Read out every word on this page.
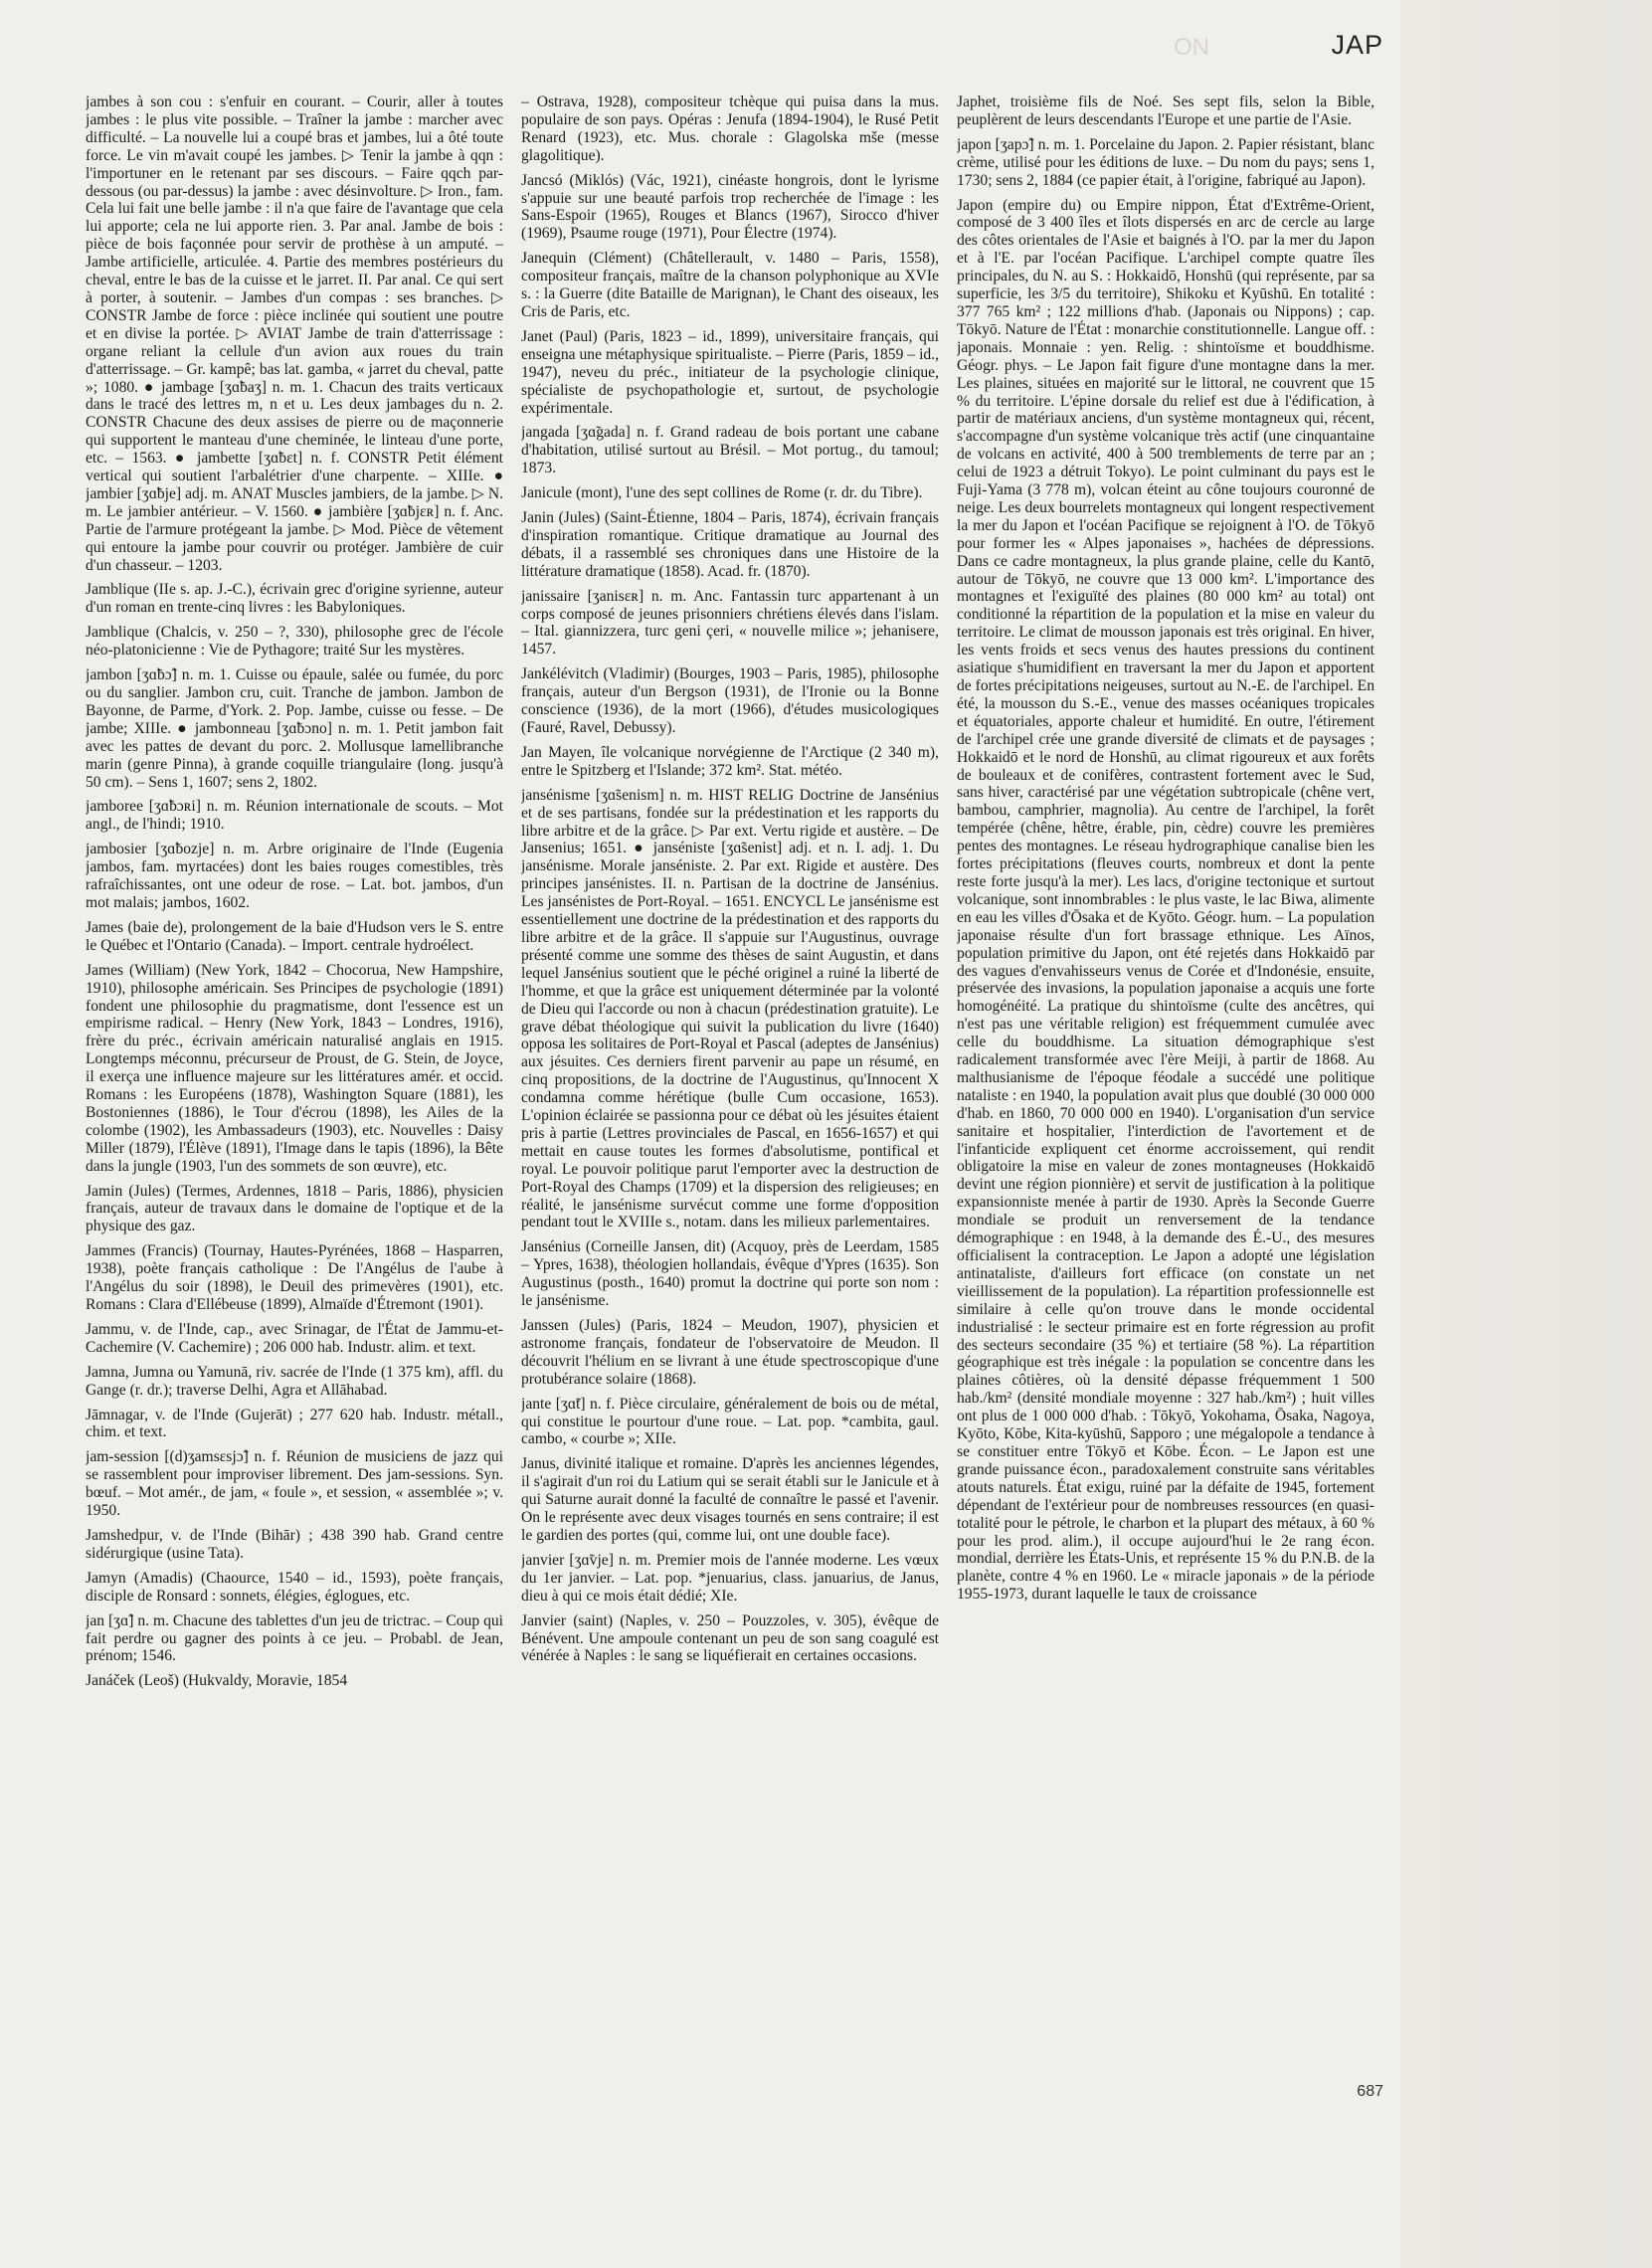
ON	JAP

jambes à son cou : s'enfuir en courant. – Courir, aller à toutes jambes : le plus vite possible. – Traîner la jambe : marcher avec difficulté. – La nouvelle lui a coupé bras et jambes, lui a ôté toute force. Le vin m'avait coupé les jambes. ▷ Tenir la jambe à qqn : l'importuner en le retenant par ses discours. – Faire qqch par-dessous (ou par-dessus) la jambe : avec désinvolture. ▷ Iron., fam. Cela lui fait une belle jambe : il n'a que faire de l'avantage que cela lui apporte; cela ne lui apporte rien. 3. Par anal. Jambe de bois : pièce de bois façonnée pour servir de prothèse à un amputé. – Jambe artificielle, articulée. 4. Partie des membres postérieurs du cheval, entre le bas de la cuisse et le jarret. II. Par anal. Ce qui sert à porter, à soutenir. – Jambes d'un compas : ses branches. ▷ CONSTR Jambe de force : pièce inclinée qui soutient une poutre et en divise la portée. ▷ AVIAT Jambe de train d'atterrissage : organe reliant la cellule d'un avion aux roues du train d'atterrissage. – Gr. kampê; bas lat. gamba, « jarret du cheval, patte »; 1080. ● jambage [ʒɑ̃baʒ] n. m. 1. Chacun des traits verticaux dans le tracé des lettres m, n et u. Les deux jambages du n. 2. CONSTR Chacune des deux assises de pierre ou de maçonnerie qui supportent le manteau d'une cheminée, le linteau d'une porte, etc. – 1563. ● jambette [ʒɑ̃bɛt] n. f. CONSTR Petit élément vertical qui soutient l'arbalétrier d'une charpente. – XIIIe. ● jambier [ʒɑ̃bje] adj. m. ANAT Muscles jambiers, de la jambe. ▷ N. m. Le jambier antérieur. – V. 1560. ● jambière [ʒɑ̃bjɛʀ] n. f. Anc. Partie de l'armure protégeant la jambe. ▷ Mod. Pièce de vêtement qui entoure la jambe pour couvrir ou protéger. Jambière de cuir d'un chasseur. – 1203.

Jamblique (IIe s. ap. J.-C.), écrivain grec d'origine syrienne, auteur d'un roman en trente-cinq livres : les Babyloniques.

Jamblique (Chalcis, v. 250 – ?, 330), philosophe grec de l'école néo-platonicienne : Vie de Pythagore; traité Sur les mystères.

jambon [ʒɑ̃bɔ̃] n. m. 1. Cuisse ou épaule, salée ou fumée, du porc ou du sanglier. Jambon cru, cuit. Tranche de jambon. Jambon de Bayonne, de Parme, d'York. 2. Pop. Jambe, cuisse ou fesse. – De jambe; XIIIe. ● jambonneau [ʒɑ̃bɔno] n. m. 1. Petit jambon fait avec les pattes de devant du porc. 2. Mollusque lamellibranche marin (genre Pinna), à grande coquille triangulaire (long. jusqu'à 50 cm). – Sens 1, 1607; sens 2, 1802.

jamboree [ʒɑ̃bɔʀi] n. m. Réunion internationale de scouts. – Mot angl., de l'hindi; 1910.

jambosier [ʒɑ̃bozje] n. m. Arbre originaire de l'Inde (Eugenia jambos, fam. myrtacées) dont les baies rouges comestibles, très rafraîchissantes, ont une odeur de rose. – Lat. bot. jambos, d'un mot malais; jambos, 1602.

James (baie de), prolongement de la baie d'Hudson vers le S. entre le Québec et l'Ontario (Canada). – Import. centrale hydroélect.

James (William) (New York, 1842 – Chocorua, New Hampshire, 1910), philosophe américain. Ses Principes de psychologie (1891) fondent une philosophie du pragmatisme, dont l'essence est un empirisme radical. – Henry (New York, 1843 – Londres, 1916), frère du préc., écrivain américain naturalisé anglais en 1915. Longtemps méconnu, précurseur de Proust, de G. Stein, de Joyce, il exerça une influence majeure sur les littératures amér. et occid. Romans : les Européens (1878), Washington Square (1881), les Bostoniennes (1886), le Tour d'écrou (1898), les Ailes de la colombe (1902), les Ambassadeurs (1903), etc. Nouvelles : Daisy Miller (1879), l'Élève (1891), l'Image dans le tapis (1896), la Bête dans la jungle (1903, l'un des sommets de son œuvre), etc.

Jamin (Jules) (Termes, Ardennes, 1818 – Paris, 1886), physicien français, auteur de travaux dans le domaine de l'optique et de la physique des gaz.

Jammes (Francis) (Tournay, Hautes-Pyrénées, 1868 – Hasparren, 1938), poète français catholique : De l'Angélus de l'aube à l'Angélus du soir (1898), le Deuil des primevères (1901), etc. Romans : Clara d'Ellébeuse (1899), Almaïde d'Étremont (1901).

Jammu, v. de l'Inde, cap., avec Srinagar, de l'État de Jammu-et-Cachemire (V. Cachemire) ; 206 000 hab. Industr. alim. et text.

Jamna, Jumna ou Yamunā, riv. sacrée de l'Inde (1 375 km), affl. du Gange (r. dr.); traverse Delhi, Agra et Allāhabad.

Jāmnagar, v. de l'Inde (Gujerāt) ; 277 620 hab. Industr. métall., chim. et text.

jam-session [(d)ʒamsɛsjɔ̃] n. f. Réunion de musiciens de jazz qui se rassemblent pour improviser librement. Des jam-sessions. Syn. bœuf. – Mot amér., de jam, « foule », et session, « assemblée »; v. 1950.

Jamshedpur, v. de l'Inde (Bihār) ; 438 390 hab. Grand centre sidérurgique (usine Tata).

Jamyn (Amadis) (Chaource, 1540 – id., 1593), poète français, disciple de Ronsard : sonnets, élégies, églogues, etc.

jan [ʒɑ̃] n. m. Chacune des tablettes d'un jeu de trictrac. – Coup qui fait perdre ou gagner des points à ce jeu. – Probabl. de Jean, prénom; 1546.

Janáček (Leoš) (Hukvaldy, Moravie, 1854

– Ostrava, 1928), compositeur tchèque qui puisa dans la mus. populaire de son pays. Opéras : Jenufa (1894-1904), le Rusé Petit Renard (1923), etc. Mus. chorale : Glagolska mše (messe glagolitique).

Jancsó (Miklós) (Vác, 1921), cinéaste hongrois, dont le lyrisme s'appuie sur une beauté parfois trop recherchée de l'image : les Sans-Espoir (1965), Rouges et Blancs (1967), Sirocco d'hiver (1969), Psaume rouge (1971), Pour Électre (1974).

Janequin (Clément) (Châtellerault, v. 1480 – Paris, 1558), compositeur français, maître de la chanson polyphonique au XVIe s. : la Guerre (dite Bataille de Marignan), le Chant des oiseaux, les Cris de Paris, etc.

Janet (Paul) (Paris, 1823 – id., 1899), universitaire français, qui enseigna une métaphysique spiritualiste. – Pierre (Paris, 1859 – id., 1947), neveu du préc., initiateur de la psychologie clinique, spécialiste de psychopathologie et, surtout, de psychologie expérimentale.

jangada [ʒɑ̃gada] n. f. Grand radeau de bois portant une cabane d'habitation, utilisé surtout au Brésil. – Mot portug., du tamoul; 1873.

Janicule (mont), l'une des sept collines de Rome (r. dr. du Tibre).

Janin (Jules) (Saint-Étienne, 1804 – Paris, 1874), écrivain français d'inspiration romantique. Critique dramatique au Journal des débats, il a rassemblé ses chroniques dans une Histoire de la littérature dramatique (1858). Acad. fr. (1870).

janissaire [ʒanisɛʀ] n. m. Anc. Fantassin turc appartenant à un corps composé de jeunes prisonniers chrétiens élevés dans l'islam. – Ital. giannizzera, turc geni çeri, « nouvelle milice »; jehanisere, 1457.

Jankélévitch (Vladimir) (Bourges, 1903 – Paris, 1985), philosophe français, auteur d'un Bergson (1931), de l'Ironie ou la Bonne conscience (1936), de la mort (1966), d'études musicologiques (Fauré, Ravel, Debussy).

Jan Mayen, île volcanique norvégienne de l'Arctique (2 340 m), entre le Spitzberg et l'Islande; 372 km². Stat. météo.

jansénisme [ʒɑ̃senism] n. m. HIST RELIG Doctrine de Jansénius et de ses partisans, fondée sur la prédestination et les rapports du libre arbitre et de la grâce. ▷ Par ext. Vertu rigide et austère. – De Jansenius; 1651. ● janséniste [ʒɑ̃senist] adj. et n. I. adj. 1. Du jansénisme. Morale janséniste. 2. Par ext. Rigide et austère. Des principes jansénistes. II. n. Partisan de la doctrine de Jansénius. Les jansénistes de Port-Royal. – 1651. ENCYCL Le jansénisme est essentiellement une doctrine de la prédestination et des rapports du libre arbitre et de la grâce. Il s'appuie sur l'Augustinus, ouvrage présenté comme une somme des thèses de saint Augustin, et dans lequel Jansénius soutient que le péché originel a ruiné la liberté de l'homme, et que la grâce est uniquement déterminée par la volonté de Dieu qui l'accorde ou non à chacun (prédestination gratuite). Le grave débat théologique qui suivit la publication du livre (1640) opposa les solitaires de Port-Royal et Pascal (adeptes de Jansénius) aux jésuites. Ces derniers firent parvenir au pape un résumé, en cinq propositions, de la doctrine de l'Augustinus, qu'Innocent X condamna comme hérétique (bulle Cum occasione, 1653). L'opinion éclairée se passionna pour ce débat où les jésuites étaient pris à partie (Lettres provinciales de Pascal, en 1656-1657) et qui mettait en cause toutes les formes d'absolutisme, pontifical et royal. Le pouvoir politique parut l'emporter avec la destruction de Port-Royal des Champs (1709) et la dispersion des religieuses; en réalité, le jansénisme survécut comme une forme d'opposition pendant tout le XVIIIe s., notam. dans les milieux parlementaires.

Jansénius (Corneille Jansen, dit) (Acquoy, près de Leerdam, 1585 – Ypres, 1638), théologien hollandais, évêque d'Ypres (1635). Son Augustinus (posth., 1640) promut la doctrine qui porte son nom : le jansénisme.

Janssen (Jules) (Paris, 1824 – Meudon, 1907), physicien et astronome français, fondateur de l'observatoire de Meudon. Il découvrit l'hélium en se livrant à une étude spectroscopique d'une protubérance solaire (1868).

jante [ʒɑ̃t] n. f. Pièce circulaire, généralement de bois ou de métal, qui constitue le pourtour d'une roue. – Lat. pop. *cambita, gaul. cambo, « courbe »; XIIe.

Janus, divinité italique et romaine. D'après les anciennes légendes, il s'agirait d'un roi du Latium qui se serait établi sur le Janicule et à qui Saturne aurait donné la faculté de connaître le passé et l'avenir. On le représente avec deux visages tournés en sens contraire; il est le gardien des portes (qui, comme lui, ont une double face).

janvier [ʒɑ̃vje] n. m. Premier mois de l'année moderne. Les vœux du 1er janvier. – Lat. pop. *jenuarius, class. januarius, de Janus, dieu à qui ce mois était dédié; XIe.

Janvier (saint) (Naples, v. 250 – Pouzzoles, v. 305), évêque de Bénévent. Une ampoule contenant un peu de son sang coagulé est vénérée à Naples : le sang se liquéfierait en certaines occasions.

Japhet, troisième fils de Noé. Ses sept fils, selon la Bible, peuplèrent de leurs descendants l'Europe et une partie de l'Asie.

japon [ʒapɔ̃] n. m. 1. Porcelaine du Japon. 2. Papier résistant, blanc crème, utilisé pour les éditions de luxe. – Du nom du pays; sens 1, 1730; sens 2, 1884 (ce papier était, à l'origine, fabriqué au Japon).

Japon (empire du) ou Empire nippon, État d'Extrême-Orient, composé de 3 400 îles et îlots dispersés en arc de cercle au large des côtes orientales de l'Asie et baignés à l'O. par la mer du Japon et à l'E. par l'océan Pacifique. L'archipel compte quatre îles principales, du N. au S. : Hokkaidō, Honshū (qui représente, par sa superficie, les 3/5 du territoire), Shikoku et Kyūshū. En totalité : 377 765 km² ; 122 millions d'hab. (Japonais ou Nippons) ; cap. Tōkyō. Nature de l'État : monarchie constitutionnelle. Langue off. : japonais. Monnaie : yen. Relig. : shintoïsme et bouddhisme. Géogr. phys. – Le Japon fait figure d'une montagne dans la mer. Les plaines, situées en majorité sur le littoral, ne couvrent que 15 % du territoire. L'épine dorsale du relief est due à l'édification, à partir de matériaux anciens, d'un système montagneux qui, récent, s'accompagne d'un système volcanique très actif (une cinquantaine de volcans en activité, 400 à 500 tremblements de terre par an ; celui de 1923 a détruit Tokyo). Le point culminant du pays est le Fuji-Yama (3 778 m), volcan éteint au cône toujours couronné de neige. Les deux bourrelets montagneux qui longent respectivement la mer du Japon et l'océan Pacifique se rejoignent à l'O. de Tōkyō pour former les « Alpes japonaises », hachées de dépressions. Dans ce cadre montagneux, la plus grande plaine, celle du Kantō, autour de Tōkyō, ne couvre que 13 000 km². L'importance des montagnes et l'exiguïté des plaines (80 000 km² au total) ont conditionné la répartition de la population et la mise en valeur du territoire. Le climat de mousson japonais est très original. En hiver, les vents froids et secs venus des hautes pressions du continent asiatique s'humidifient en traversant la mer du Japon et apportent de fortes précipitations neigeuses, surtout au N.-E. de l'archipel. En été, la mousson du S.-E., venue des masses océaniques tropicales et équatoriales, apporte chaleur et humidité. En outre, l'étirement de l'archipel crée une grande diversité de climats et de paysages ; Hokkaidō et le nord de Honshū, au climat rigoureux et aux forêts de bouleaux et de conifères, contrastent fortement avec le Sud, sans hiver, caractérisé par une végétation subtropicale (chêne vert, bambou, camphrier, magnolia). Au centre de l'archipel, la forêt tempérée (chêne, hêtre, érable, pin, cèdre) couvre les premières pentes des montagnes. Le réseau hydrographique canalise bien les fortes précipitations (fleuves courts, nombreux et dont la pente reste forte jusqu'à la mer). Les lacs, d'origine tectonique et surtout volcanique, sont innombrables : le plus vaste, le lac Biwa, alimente en eau les villes d'Ōsaka et de Kyōto. Géogr. hum. – La population japonaise résulte d'un fort brassage ethnique. Les Aïnos, population primitive du Japon, ont été rejetés dans Hokkaidō par des vagues d'envahisseurs venus de Corée et d'Indonésie, ensuite, préservée des invasions, la population japonaise a acquis une forte homogénéité. La pratique du shintoïsme (culte des ancêtres, qui n'est pas une véritable religion) est fréquemment cumulée avec celle du bouddhisme. La situation démographique s'est radicalement transformée avec l'ère Meiji, à partir de 1868. Au malthusianisme de l'époque féodale a succédé une politique nataliste : en 1940, la population avait plus que doublé (30 000 000 d'hab. en 1860, 70 000 000 en 1940). L'organisation d'un service sanitaire et hospitalier, l'interdiction de l'avortement et de l'infanticide expliquent cet énorme accroissement, qui rendit obligatoire la mise en valeur de zones montagneuses (Hokkaidō devint une région pionnière) et servit de justification à la politique expansionniste menée à partir de 1930. Après la Seconde Guerre mondiale se produit un renversement de la tendance démographique : en 1948, à la demande des É.-U., des mesures officialisent la contraception. Le Japon a adopté une législation antinataliste, d'ailleurs fort efficace (on constate un net vieillissement de la population). La répartition professionnelle est similaire à celle qu'on trouve dans le monde occidental industrialisé : le secteur primaire est en forte régression au profit des secteurs secondaire (35 %) et tertiaire (58 %). La répartition géographique est très inégale : la population se concentre dans les plaines côtières, où la densité dépasse fréquemment 1 500 hab./km² (densité mondiale moyenne : 327 hab./km²) ; huit villes ont plus de 1 000 000 d'hab. : Tōkyō, Yokohama, Ōsaka, Nagoya, Kyōto, Kōbe, Kita-kyūshū, Sapporo ; une mégalopole a tendance à se constituer entre Tōkyō et Kōbe. Écon. – Le Japon est une grande puissance écon., paradoxalement construite sans véritables atouts naturels. État exigu, ruiné par la défaite de 1945, fortement dépendant de l'extérieur pour de nombreuses ressources (en quasi-totalité pour le pétrole, le charbon et la plupart des métaux, à 60 % pour les prod. alim.), il occupe aujourd'hui le 2e rang écon. mondial, derrière les États-Unis, et représente 15 % du P.N.B. de la planète, contre 4 % en 1960. Le « miracle japonais » de la période 1955-1973, durant laquelle le taux de croissance

687
